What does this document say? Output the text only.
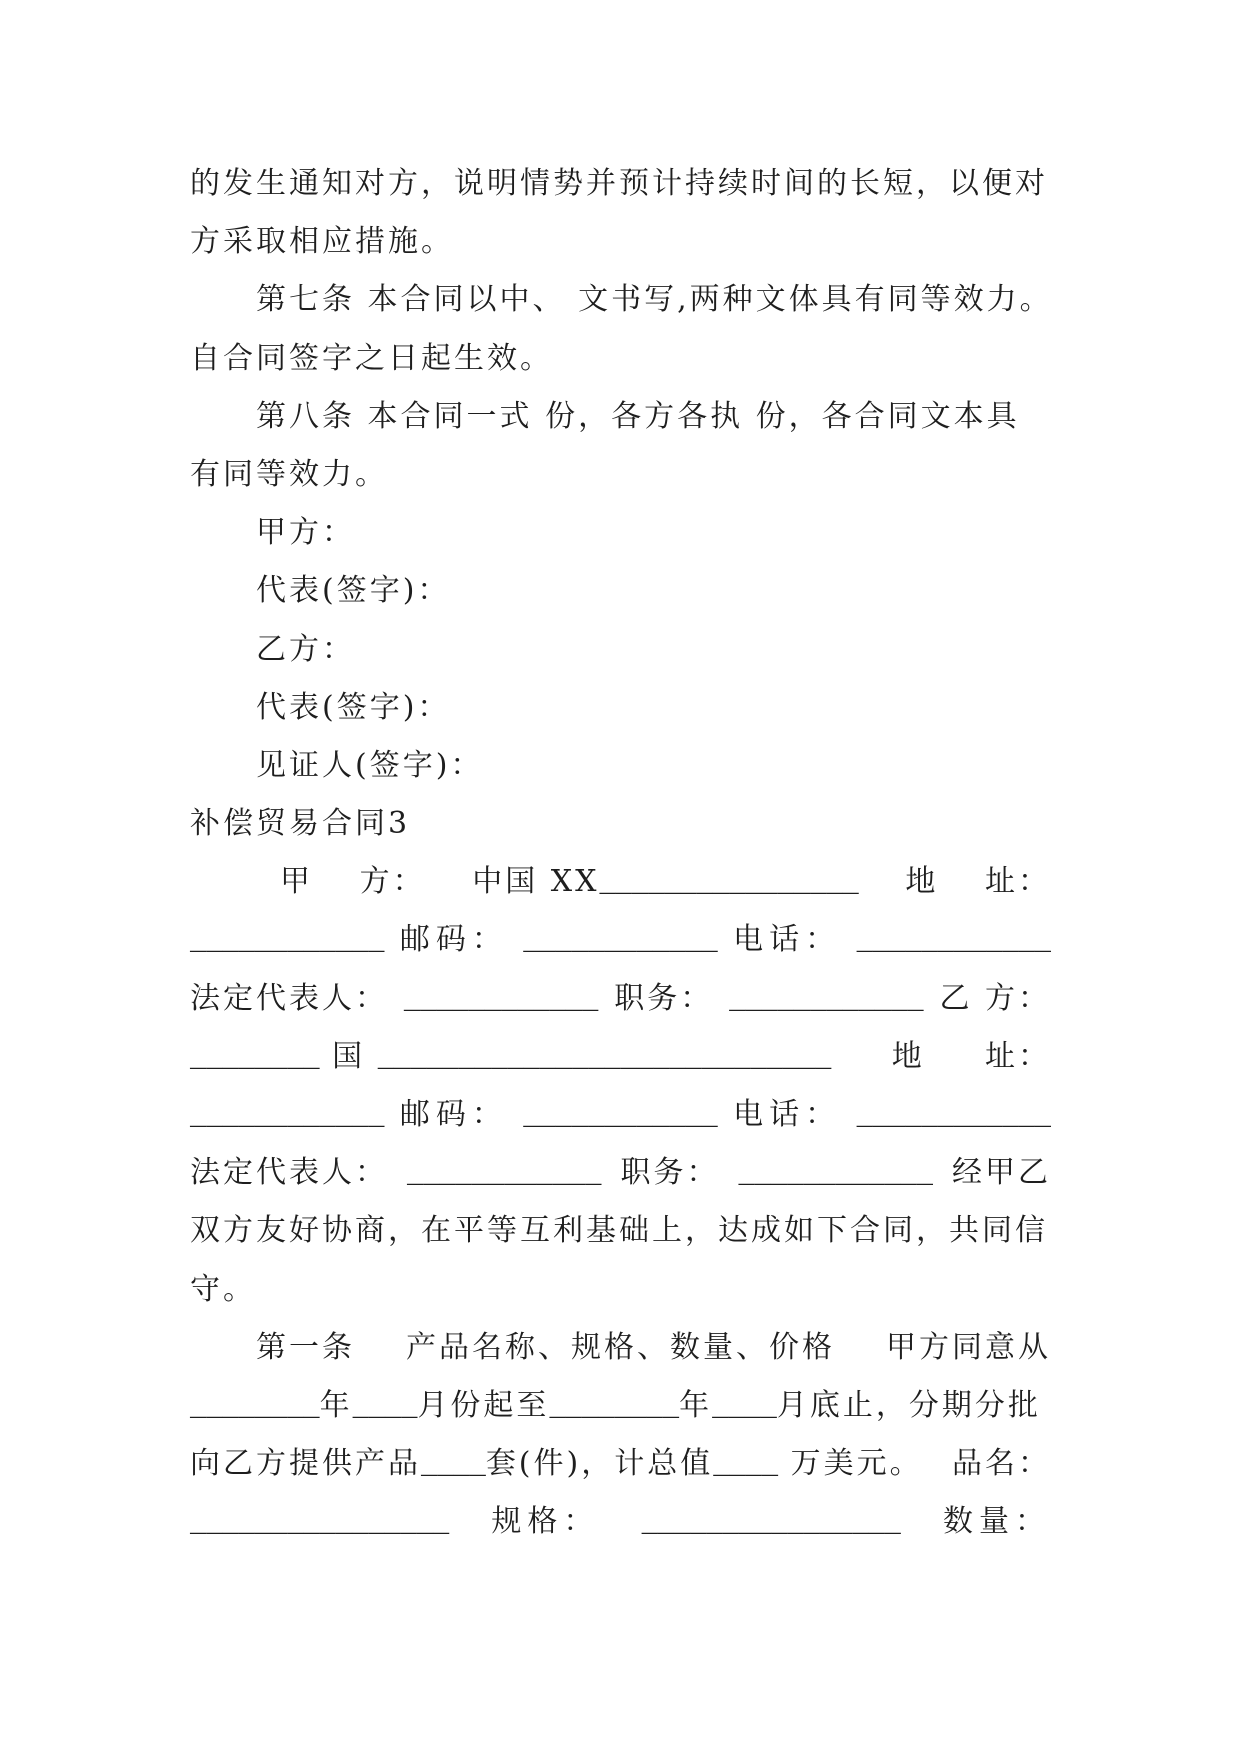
的发生通知对方，说明情势并预计持续时间的长短，以便对
方采取相应措施。
第七条 本合同以中、 文书写,两种文体具有同等效力。
自合同签字之日起生效。
第八条 本合同一式 份，各方各执 份，各合同文本具
有同等效力。
甲方：
代表(签字)：
乙方：
代表(签字)：
见证人(签字)：
补偿贸易合同3
甲 方： 中国 XX________________ 地 址：
____________ 邮码： ____________ 电话： ____________
法定代表人： ____________ 职务： ____________ 乙 方：
________ 国 ____________________________ 地 址：
____________ 邮码： ____________ 电话： ____________
法定代表人： ____________ 职务： ____________ 经甲乙
双方友好协商，在平等互利基础上，达成如下合同，共同信
守。
第一条 产品名称、规格、数量、价格 甲方同意从
________年____月份起至________年____月底止，分期分批
向乙方提供产品____套(件)，计总值____ 万美元。 品名：
________________ 规格： ________________ 数量：
